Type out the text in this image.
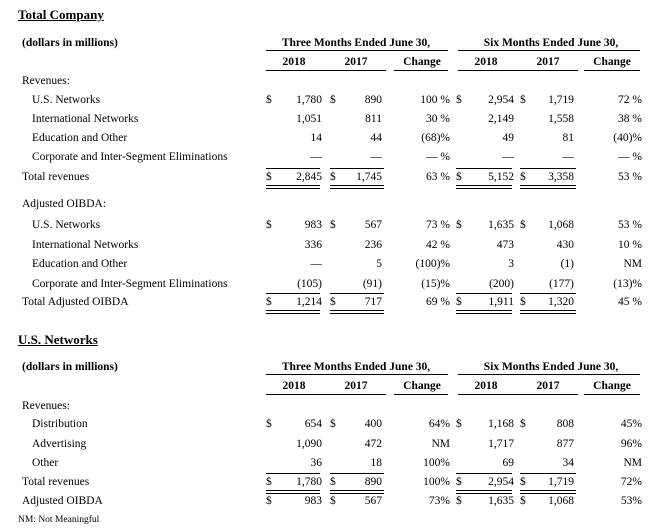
Total Company
(dollars in millions)	Three Months Ended June 30,	Six Months Ended June 30,
2018	2017	Change	2018	2017	Change
Revenues:
U.S. Networks	$	1,780 $	890	100 % $	2,954 $	1,719	72 %
International Networks	1,051	811	30 %	2,149	1,558	38 %
Education and Other	14	44	(68)%	49	81	(40)%
Corporate and Inter-Segment Eliminations	—	—	— %	—	—	— %
Total revenues	$	2,845 $	1,745	63 % $	5,152 $	3,358	53 %
Adjusted OIBDA:
U.S. Networks	$	983 $	567	73 % $	1,635 $	1,068	53 %
International Networks	336	236	42 %	473	430	10 %
Education and Other	—	5	(100)%	3	(1)	NM
Corporate and Inter-Segment Eliminations	(105)	(91)	(15)%	(200)	(177)	(13)%
Total Adjusted OIBDA	$	1,214 $	717	69 % $	1,911 $	1,320	45 %
U.S. Networks
(dollars in millions)	Three Months Ended June 30,	Six Months Ended June 30,
2018	2017	Change	2018	2017	Change
Revenues:
Distribution	$	654 $	400	64% $	1,168 $	808	45%
Advertising	1,090	472	NM	1,717	877	96%
Other	36	18	100%	69	34	NM
Total revenues	$	1,780 $	890	100% $	2,954 $	1,719	72%
Adjusted OIBDA	$	983 $	567	73% $	1,635 $	1,068	53%
NM: Not Meaningful
